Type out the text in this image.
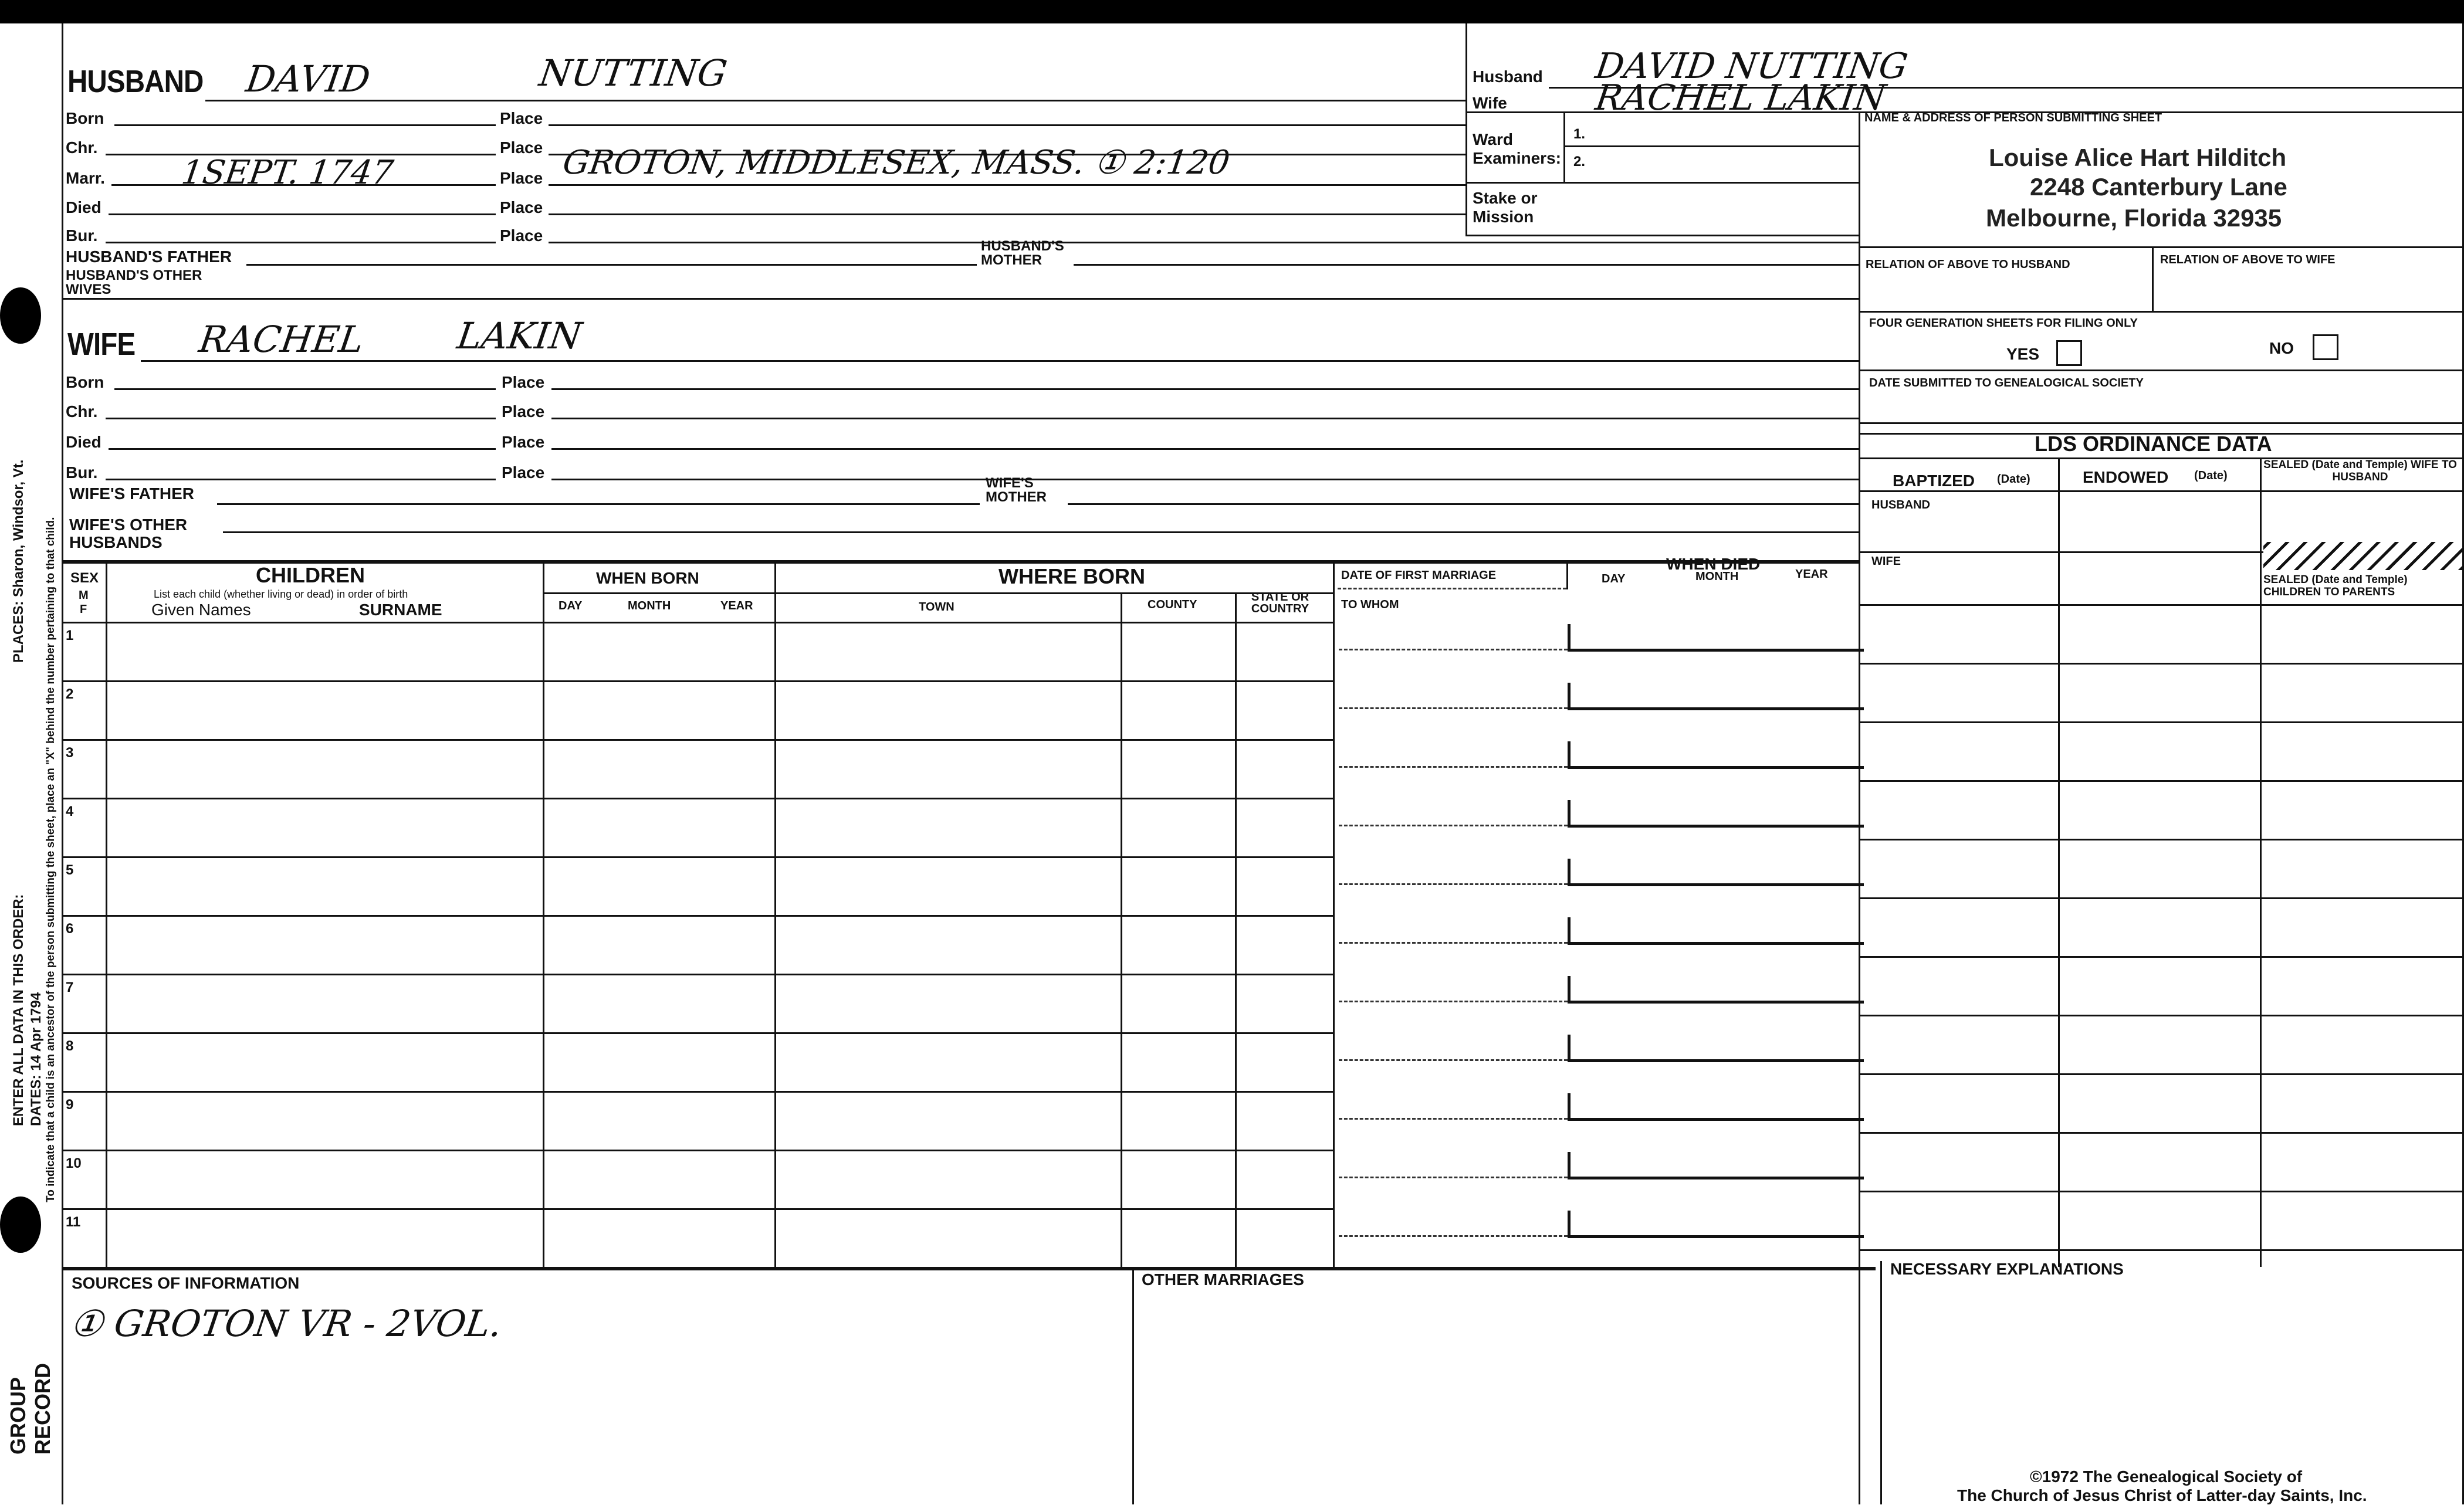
PLACES: Sharon, Windsor, Vt.
ENTER ALL DATA IN THIS ORDER: DATES: 14 Apr 1794 To indicate that a child is an ancestor of the person submitting the sheet, place an "X" behind the number pertaining to that child.
GROUP RECORD
HUSBAND DAVID	NUTTING
Born	Place
Chr.	Place
Marr. 1SEPT. 1747	Place GROTON, MIDDLESEX, MASS. ① 2:120
Died	Place
Bur.	Place
HUSBAND'S FATHER
HUSBAND'S MOTHER
HUSBAND'S OTHER WIVES
WIFE RACHEL LAKIN
Born	Place
Chr.	Place
Died	Place
Bur.	Place
WIFE'S FATHER
WIFE'S MOTHER
WIFE'S OTHER HUSBANDS
Husband DAVID NUTTING
Wife RACHEL LAKIN
Ward Examiners:
1.
2.
Stake or Mission
NAME & ADDRESS OF PERSON SUBMITTING SHEET
Louise Alice Hart Hilditch
2248 Canterbury Lane
Melbourne, Florida 32935
RELATION OF ABOVE TO HUSBAND	RELATION OF ABOVE TO WIFE
FOUR GENERATION SHEETS FOR FILING ONLY
YES	NO
DATE SUBMITTED TO GENEALOGICAL SOCIETY
LDS ORDINANCE DATA
BAPTIZED (Date)	ENDOWED (Date)
SEALED (Date and Temple) WIFE TO HUSBAND
HUSBAND
WIFE
SEALED (Date and Temple) CHILDREN TO PARENTS
SEX
M
F
CHILDREN
List each child (whether living or dead) in order of birth
Given Names	SURNAME
WHEN BORN
DAY	MONTH	YEAR
WHERE BORN
TOWN	COUNTY
STATE OR COUNTRY
DATE OF FIRST MARRIAGE
TO WHOM
WHEN DIED
DAY	MONTH	YEAR
1
2
3
4
5
6
7
8
9
10
11
SOURCES OF INFORMATION
① GROTON VR - 2VOL.
OTHER MARRIAGES
NECESSARY EXPLANATIONS
©1972 The Genealogical Society of
The Church of Jesus Christ of Latter-day Saints, Inc.
